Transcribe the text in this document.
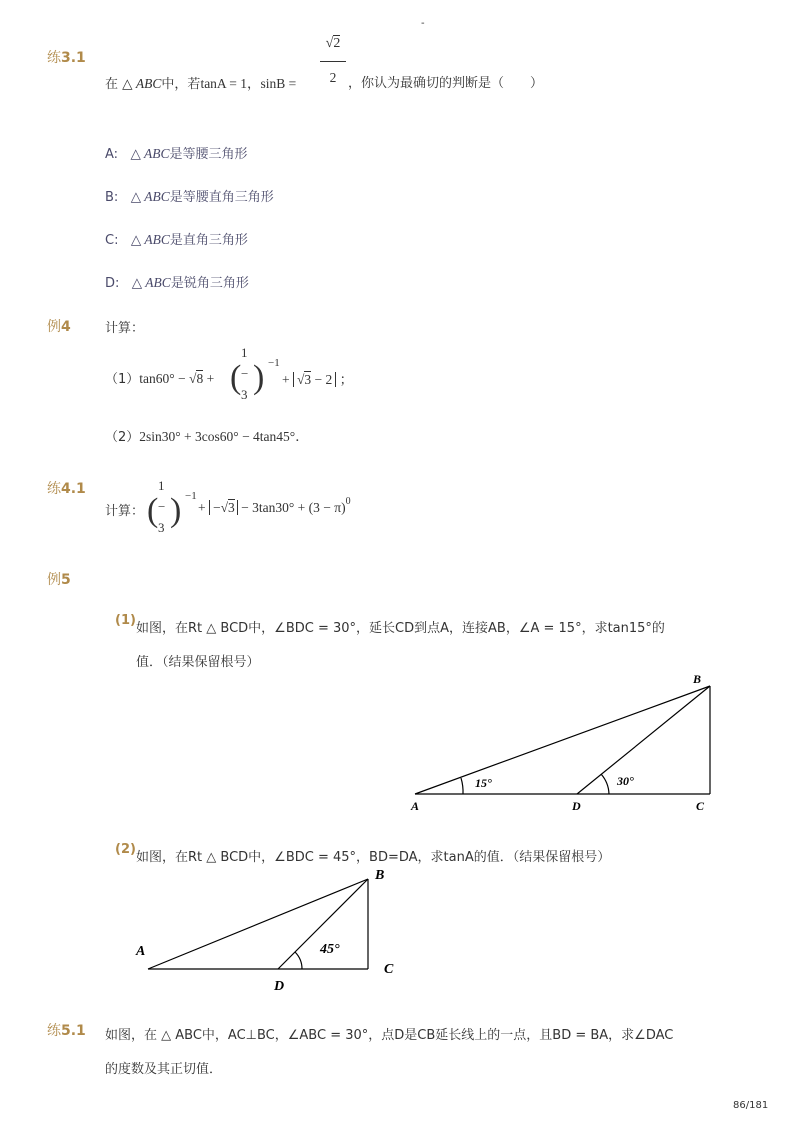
-
练3.1
在 △ ABC中，若tanA = 1，sinB =
√2
2 ，你认为最确切的判断是（　　）
A: △ ABC是等腰三角形
B: △ ABC是等腰直角三角形
C: △ ABC是直角三角形
D: △ ABC是锐角三角形
例4	计算：
（1）tan60° − √8 + (
1
−
3 ) −1
+ √3 − 2 ；
（2）2sin30° + 3cos60° − 4tan45°．
练4.1
计算： (
1
−
3 ) −1
+ $-√3 - 3\tan 30^\circ + (3 - \pi)^0$
例5
(1)
如图，在Rt △ BCD中，∠BDC = 30°，延长CD到点A，连接AB，∠A = 15°，求tan15°的
值．（结果保留根号）
B
A	D	C
15°	30°
(2)
如图，在Rt △ BCD中，∠BDC = 45°，BD=DA，求tanA的值．（结果保留根号）
B
A
D
C
45°
练5.1 如图，在 △ ABC中，AC⊥BC，∠ABC = 30°，点D是CB延长线上的一点，且BD = BA，求∠DAC
的度数及其正切值．
86/181
